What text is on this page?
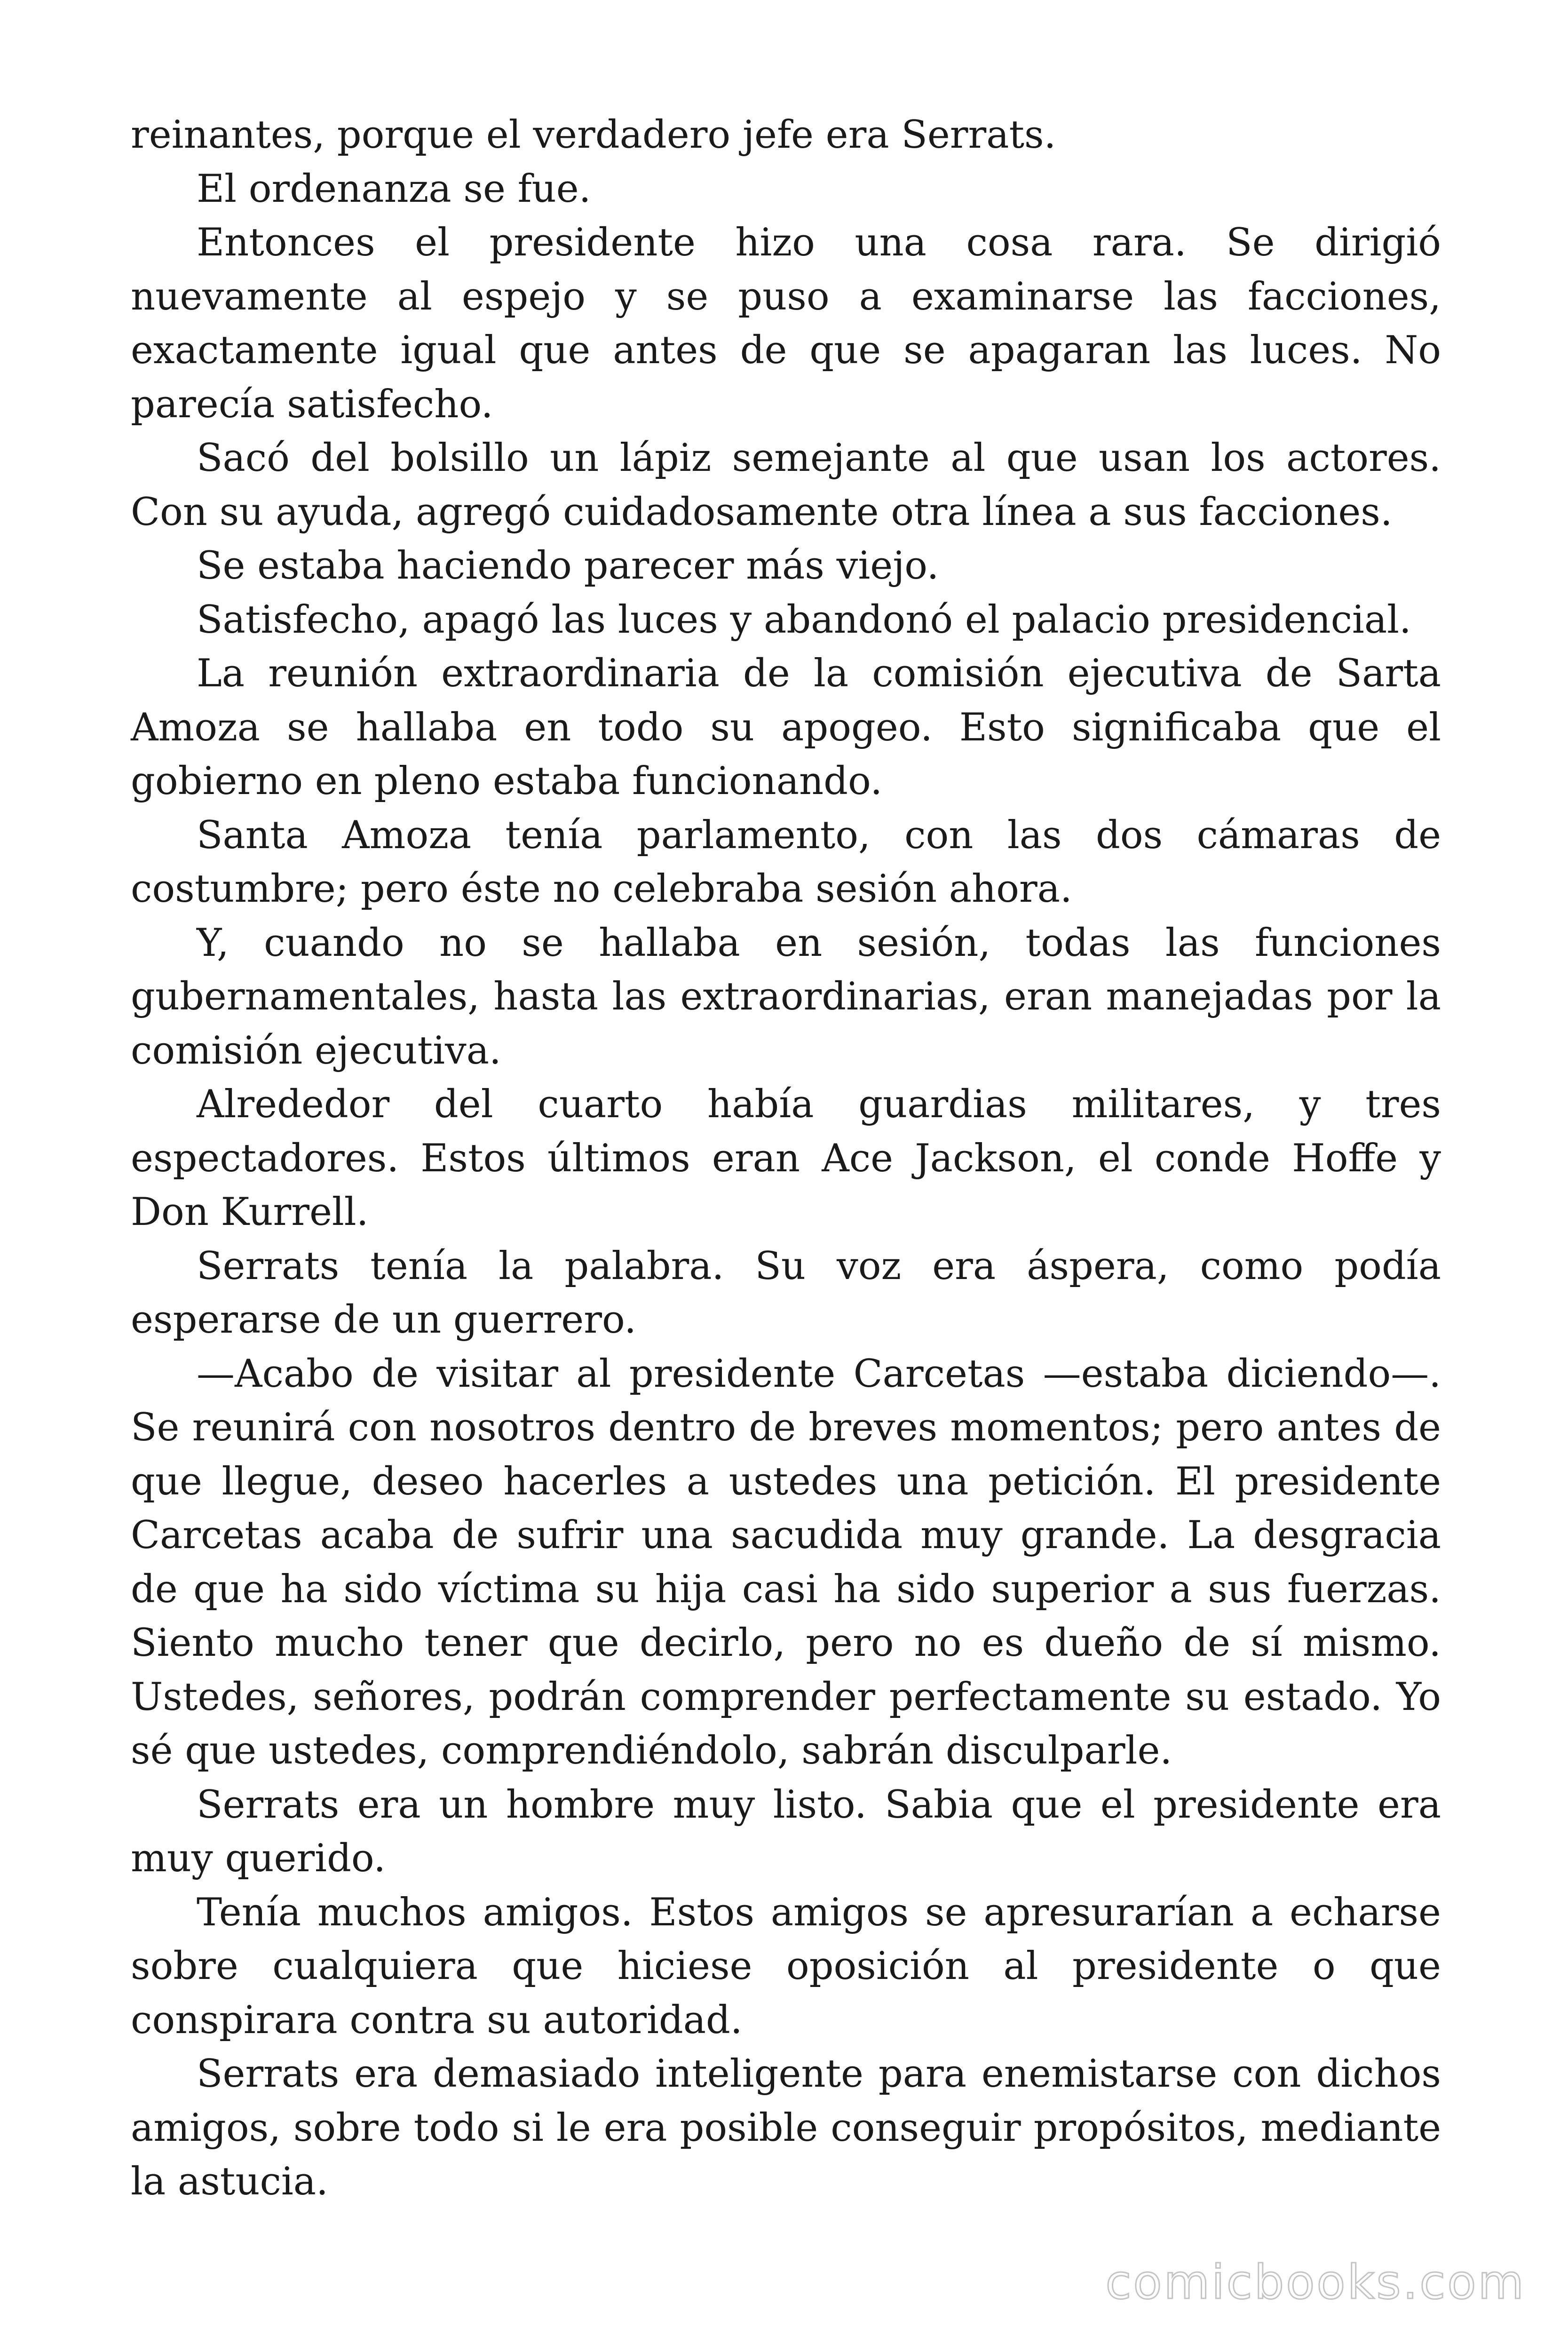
reinantes, porque el verdadero jefe era Serrats.

El ordenanza se fue.

Entonces el presidente hizo una cosa rara. Se dirigió nuevamente al espejo y se puso a examinarse las facciones, exactamente igual que antes de que se apagaran las luces. No parecía satisfecho.

Sacó del bolsillo un lápiz semejante al que usan los actores. Con su ayuda, agregó cuidadosamente otra línea a sus facciones.

Se estaba haciendo parecer más viejo.

Satisfecho, apagó las luces y abandonó el palacio presidencial.

La reunión extraordinaria de la comisión ejecutiva de Sarta Amoza se hallaba en todo su apogeo. Esto significaba que el gobierno en pleno estaba funcionando.

Santa Amoza tenía parlamento, con las dos cámaras de costumbre; pero éste no celebraba sesión ahora.

Y, cuando no se hallaba en sesión, todas las funciones gubernamentales, hasta las extraordinarias, eran manejadas por la comisión ejecutiva.

Alrededor del cuarto había guardias militares, y tres espectadores. Estos últimos eran Ace Jackson, el conde Hoffe y Don Kurrell.

Serrats tenía la palabra. Su voz era áspera, como podía esperarse de un guerrero.

—Acabo de visitar al presidente Carcetas —estaba diciendo—. Se reunirá con nosotros dentro de breves momentos; pero antes de que llegue, deseo hacerles a ustedes una petición. El presidente Carcetas acaba de sufrir una sacudida muy grande. La desgracia de que ha sido víctima su hija casi ha sido superior a sus fuerzas. Siento mucho tener que decirlo, pero no es dueño de sí mismo. Ustedes, señores, podrán comprender perfectamente su estado. Yo sé que ustedes, comprendiéndolo, sabrán disculparle.

Serrats era un hombre muy listo. Sabia que el presidente era muy querido.

Tenía muchos amigos. Estos amigos se apresurarían a echarse sobre cualquiera que hiciese oposición al presidente o que conspirara contra su autoridad.

Serrats era demasiado inteligente para enemistarse con dichos amigos, sobre todo si le era posible conseguir propósitos, mediante la astucia.

comicbooks.com
